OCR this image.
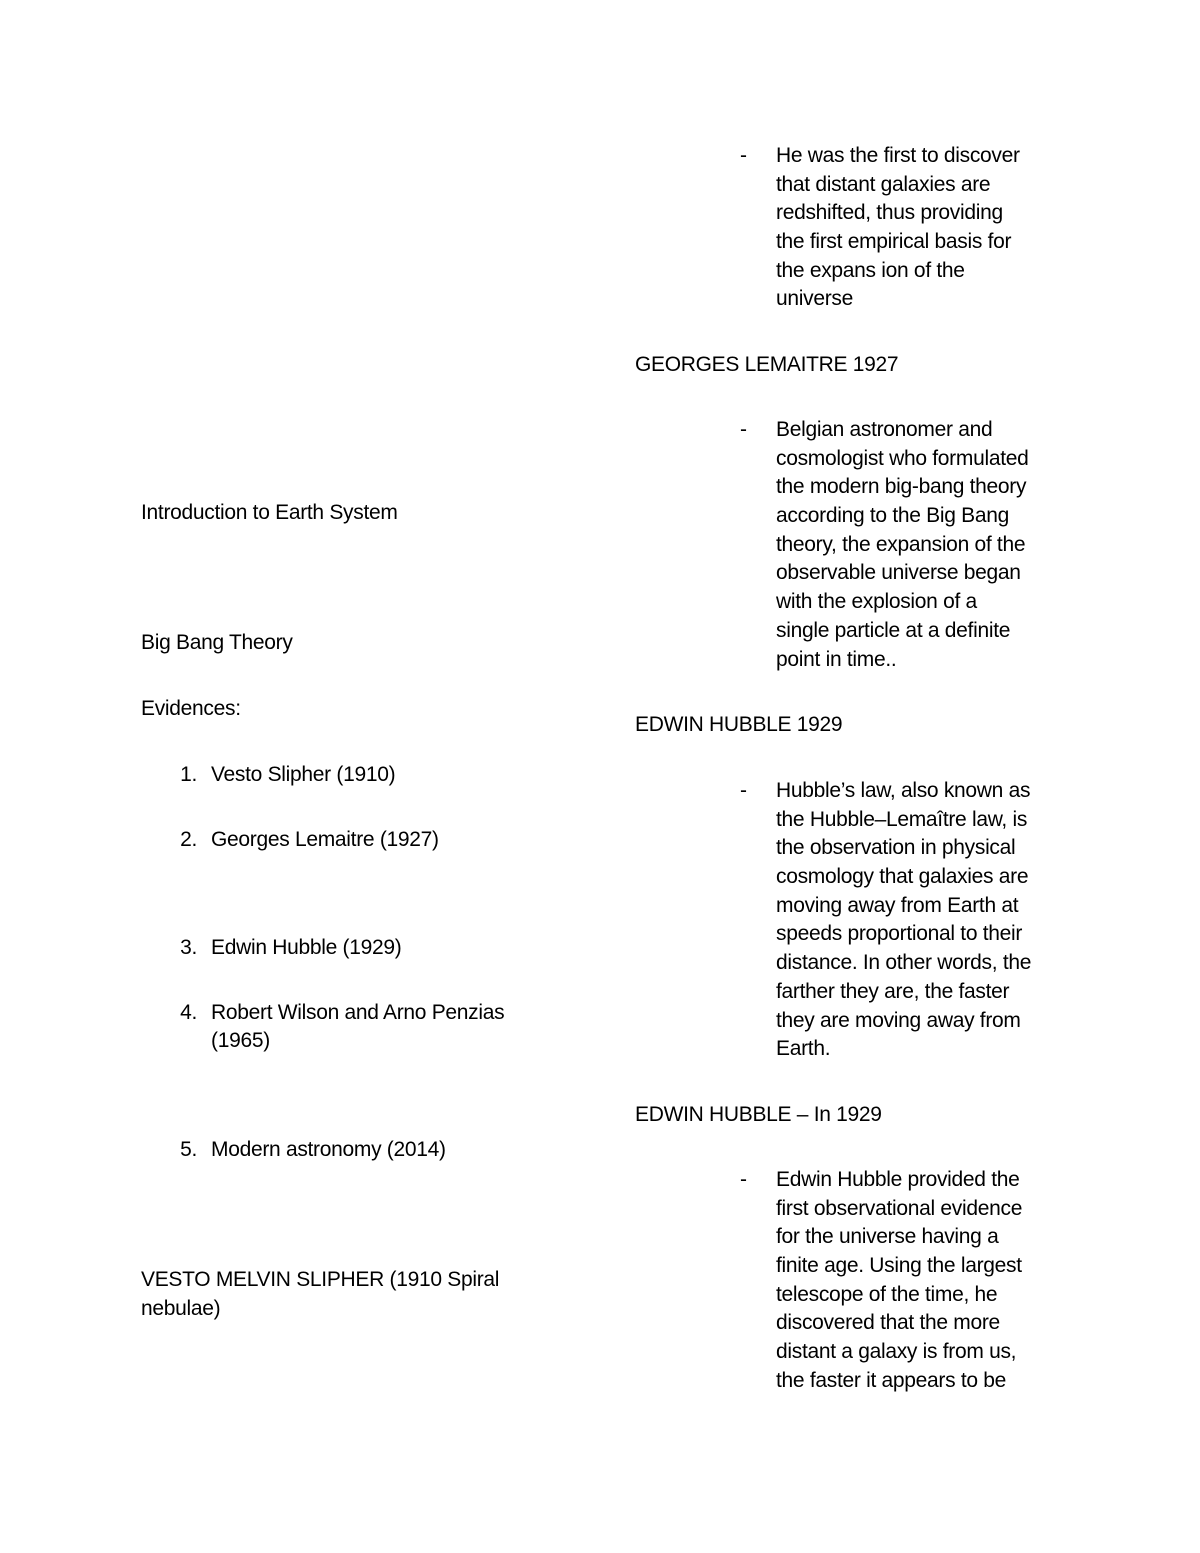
Introduction to Earth System

Big Bang Theory

Evidences:

1. Vesto Slipher (1910)
2. Georges Lemaitre (1927)
3. Edwin Hubble (1929)
4. Robert Wilson and Arno Penzias
(1965)
5. Modern astronomy (2014)
VESTO MELVIN SLIPHER (1910 Spiral
nebulae)
- He was the first to discover
that distant galaxies are
redshifted, thus providing
the first empirical basis for
the expans ion of the
universe

GEORGES LEMAITRE 1927

- Belgian astronomer and
cosmologist who formulated
the modern big-bang theory
according to the Big Bang
theory, the expansion of the
observable universe began
with the explosion of a
single particle at a definite
point in time..

EDWIN HUBBLE 1929

- Hubble’s law, also known as
the Hubble–Lemaître law, is
the observation in physical
cosmology that galaxies are
moving away from Earth at
speeds proportional to their
distance. In other words, the
farther they are, the faster
they are moving away from
Earth.

EDWIN HUBBLE – In 1929

- Edwin Hubble provided the
first observational evidence
for the universe having a
finite age. Using the largest
telescope of the time, he
discovered that the more
distant a galaxy is from us,
the faster it appears to be
